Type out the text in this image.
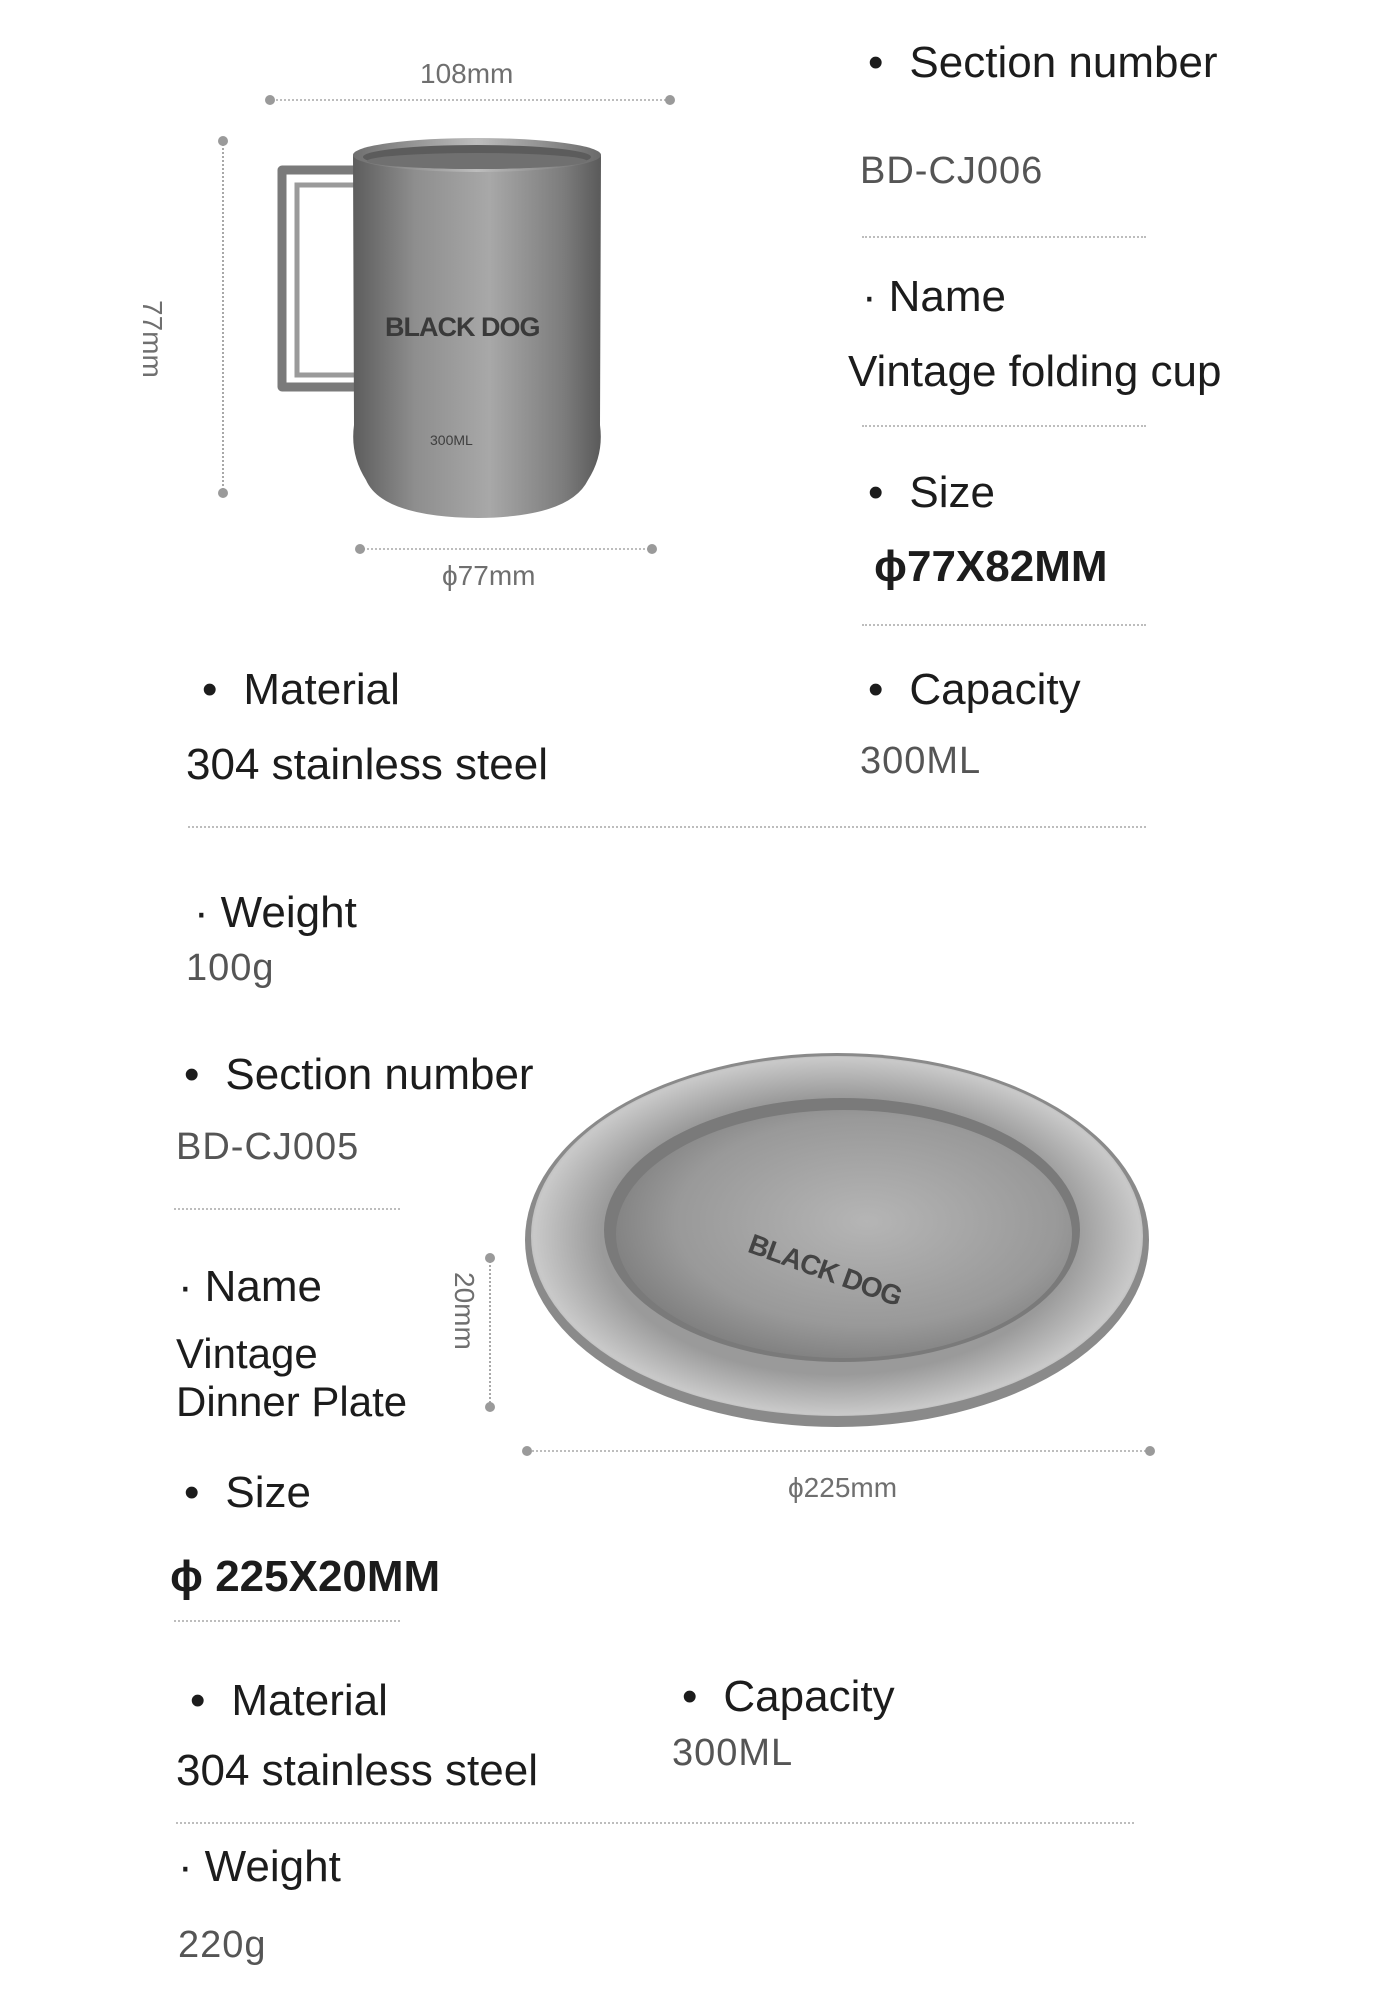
108mm
77mm	BLACK DOG
300ML
ϕ77mm
• Section number
BD-CJ006
· Name
Vintage folding cup
• Size
ϕ77X82MM
• Capacity
300ML
• Material
304 stainless steel
· Weight
100g
• Section number
BD-CJ005
· Name
Vintage
Dinner Plate
• Size
ϕ 225X20MM
BLACK DOG
20mm
ϕ225mm
• Material
304 stainless steel
• Capacity
300ML
· Weight
220g
